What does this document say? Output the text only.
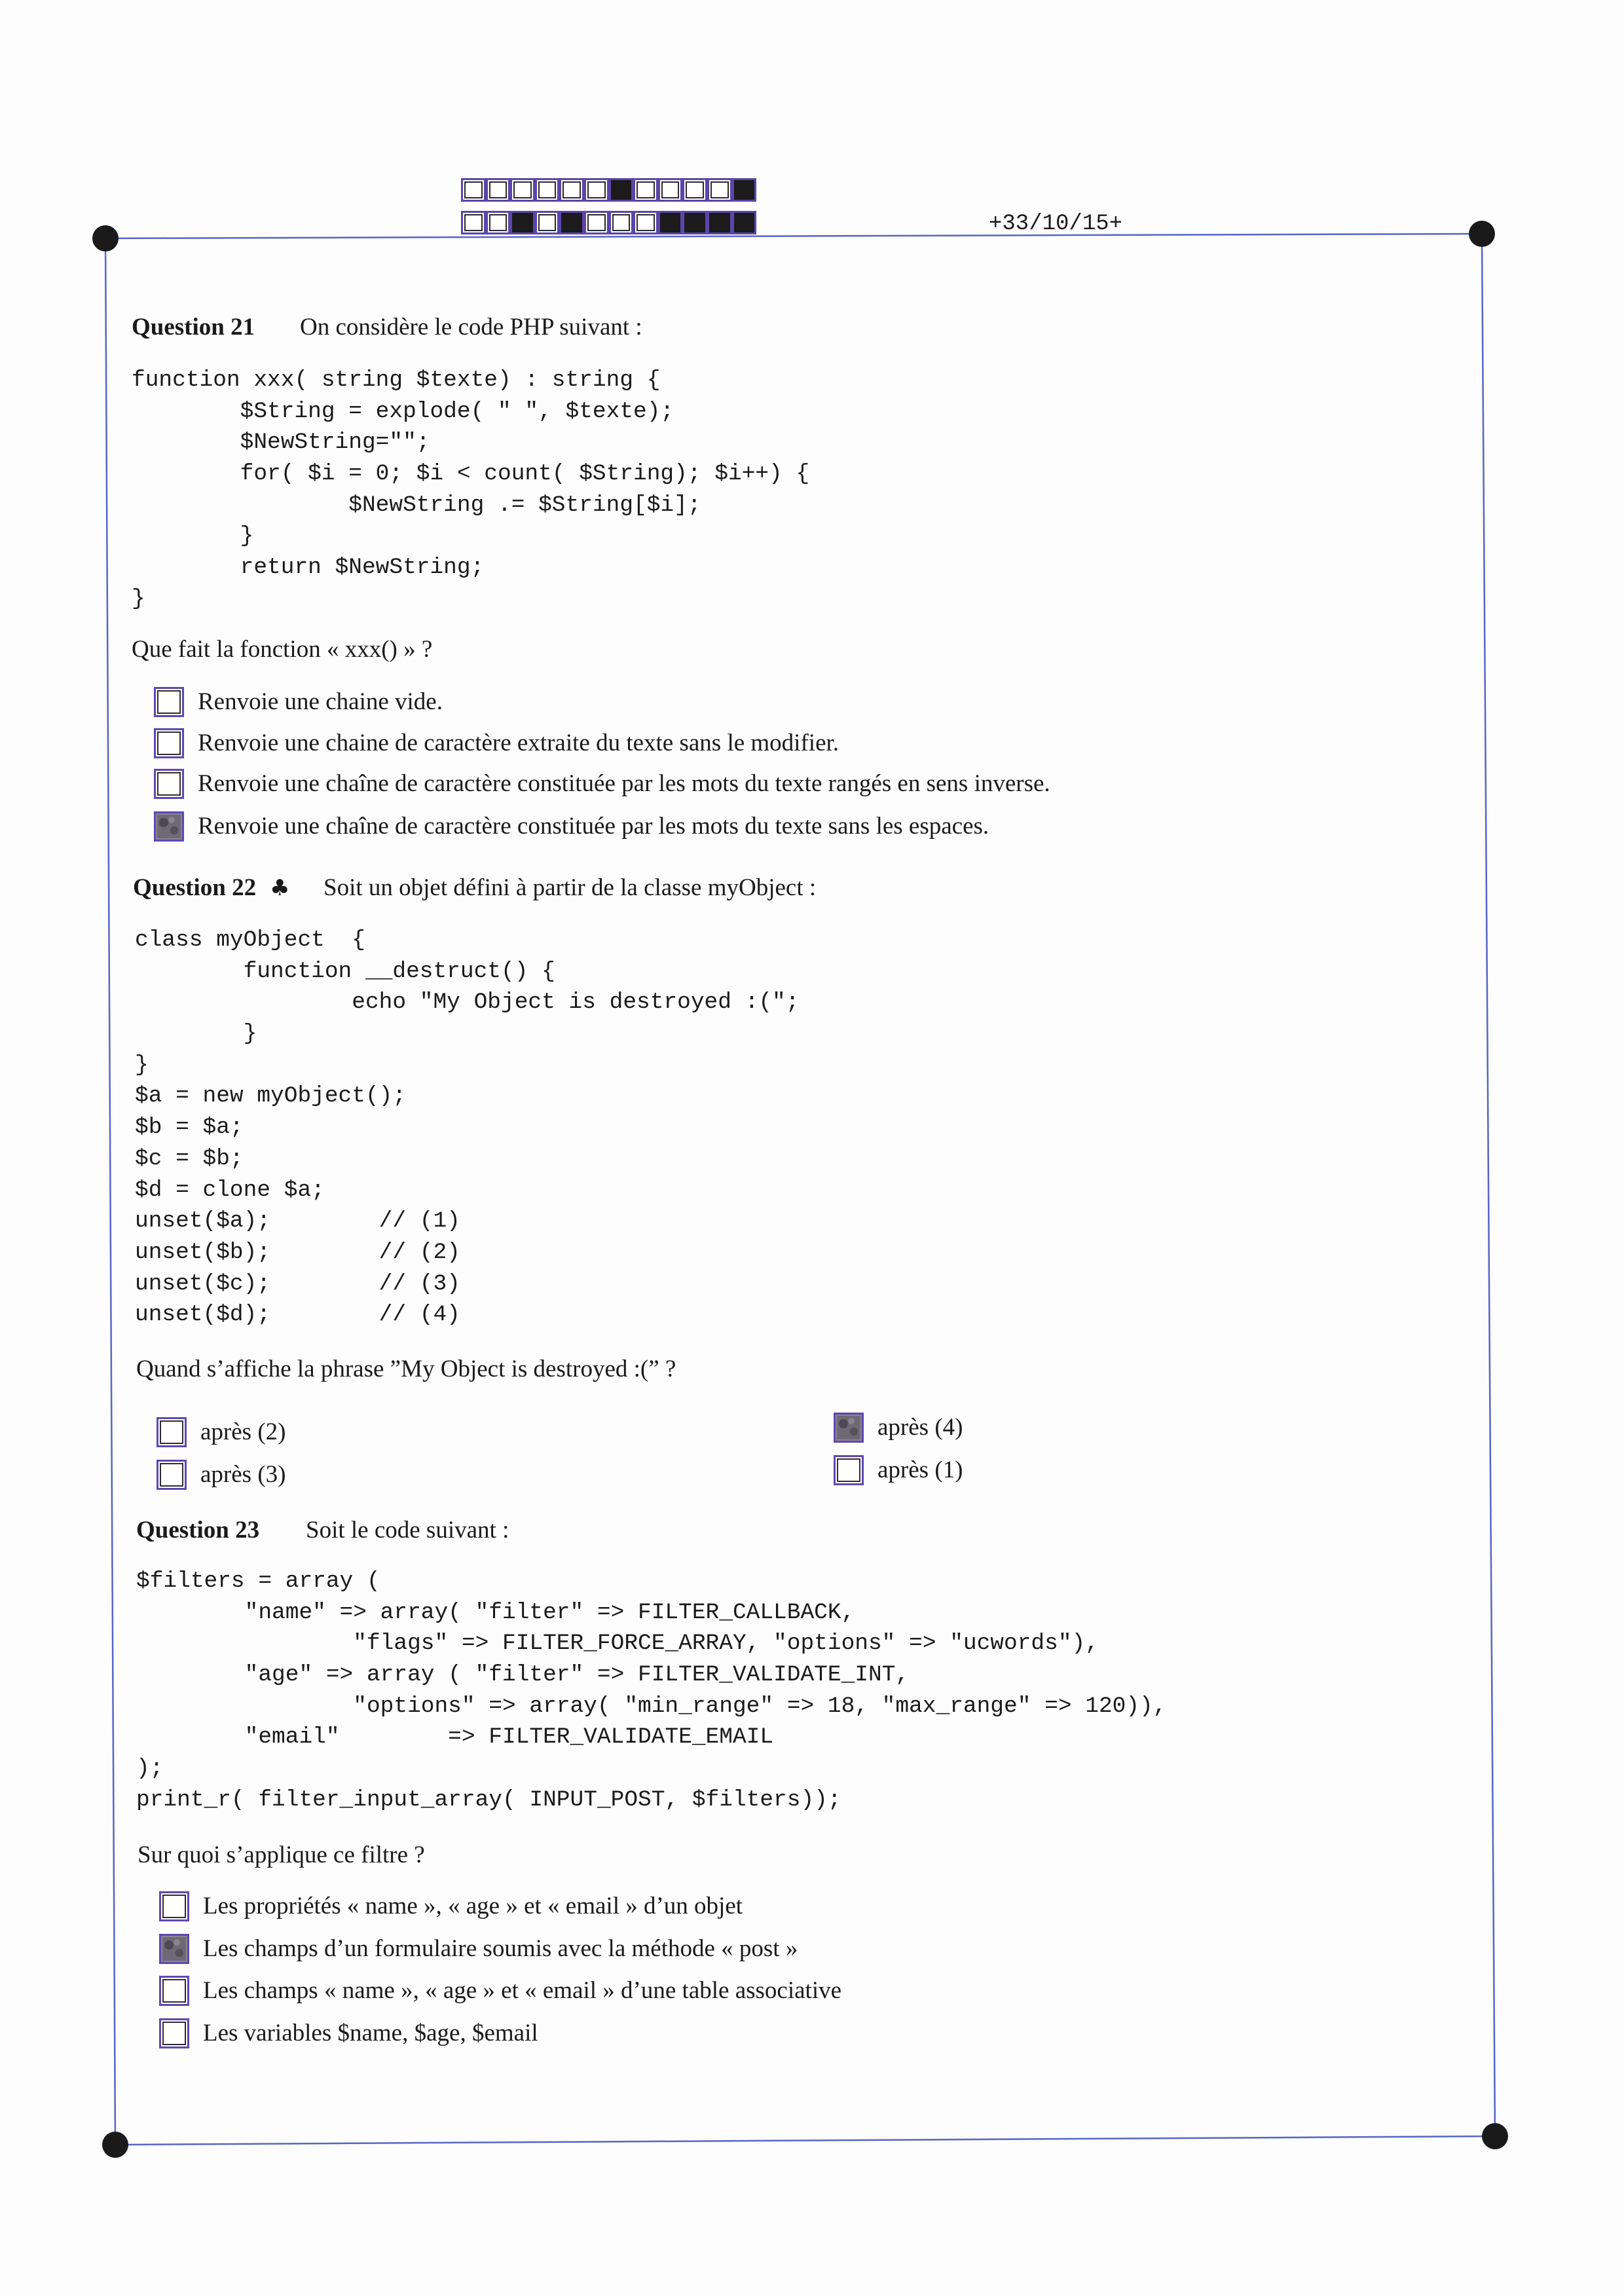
+33/10/15+
Question 21 On considère le code PHP suivant :
function xxx( string $texte) : string {
$String = explode( " ", $texte);
$NewString="";
for( $i = 0; $i < count( $String); $i++) {
$NewString .= $String[$i];
}
return $NewString;
}
Que fait la fonction « xxx() » ?
Renvoie une chaine vide.
Renvoie une chaine de caractère extraite du texte sans le modifier.
Renvoie une chaîne de caractère constituée par les mots du texte rangés en sens inverse.
Renvoie une chaîne de caractère constituée par les mots du texte sans les espaces.
Question 22 ♣ Soit un objet défini à partir de la classe myObject :
class myObject  {
function __destruct() {
echo "My Object is destroyed :(";
}
}
$a = new myObject();
$b = $a;
$c = $b;
$d = clone $a;
unset($a);        // (1)
unset($b);        // (2)
unset($c);        // (3)
unset($d);        // (4)
Quand s’affiche la phrase ”My Object is destroyed :(” ?
après (2)
après (3)
après (4)
après (1)
Question 23 Soit le code suivant :
$filters = array (
"name" => array( "filter" => FILTER_CALLBACK,
"flags" => FILTER_FORCE_ARRAY, "options" => "ucwords"),
"age" => array ( "filter" => FILTER_VALIDATE_INT,
"options" => array( "min_range" => 18, "max_range" => 120)),
"email"        => FILTER_VALIDATE_EMAIL
);
print_r( filter_input_array( INPUT_POST, $filters));
Sur quoi s’applique ce filtre ?
Les propriétés « name », « age » et « email » d’un objet
Les champs d’un formulaire soumis avec la méthode « post »
Les champs « name », « age » et « email » d’une table associative
Les variables $name, $age, $email
